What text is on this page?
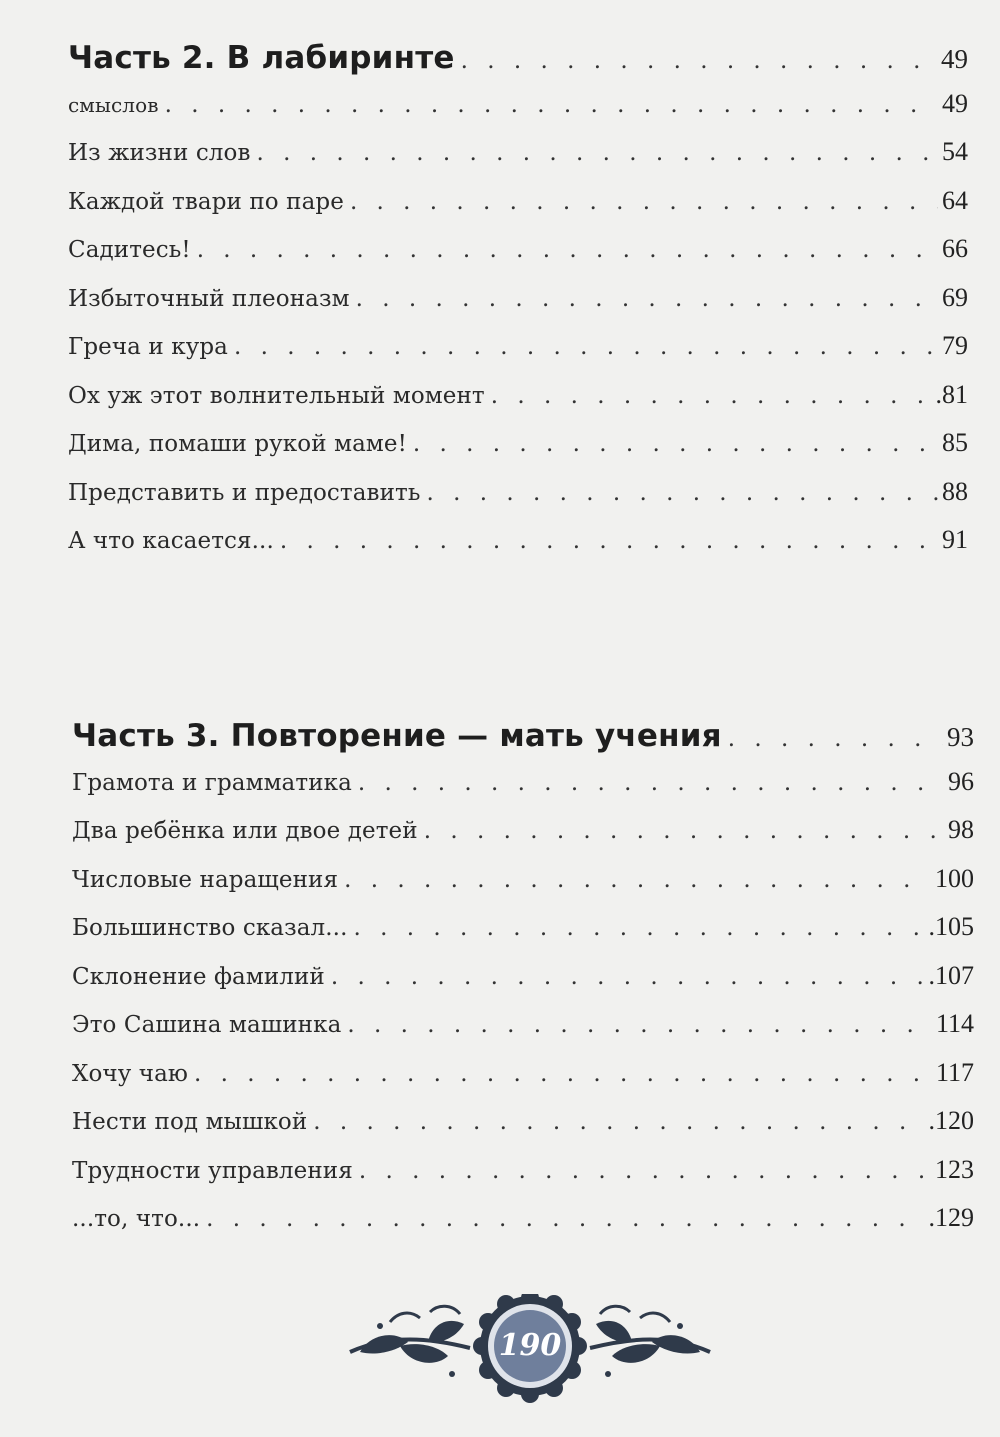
Часть 2. В лабиринте . . .	49
смыслов . . .	49
Из жизни слов . . .	54
Каждой твари по паре . . .	64
Садитесь! . . .	66
Избыточный плеоназм . . .	69
Греча и кура . . .	79
Ох уж этот волнительный момент . . .	.81
Дима, помаши рукой маме! . . .	85
Представить и предоставить . . .	88
А что касается... . . .	91
Часть 3. Повторение — мать учения . . .	93
Грамота и грамматика . . .	96
Два ребёнка или двое детей . . .	98
Числовые наращения . . .	100
Большинство сказал... . . .	.105
Склонение фамилий . . .	.107
Это Сашина машинка . . .	114
Хочу чаю . . .	117
Нести под мышкой . . .	.120
Трудности управления . . .	123
...то, что... . . .	.129
190
